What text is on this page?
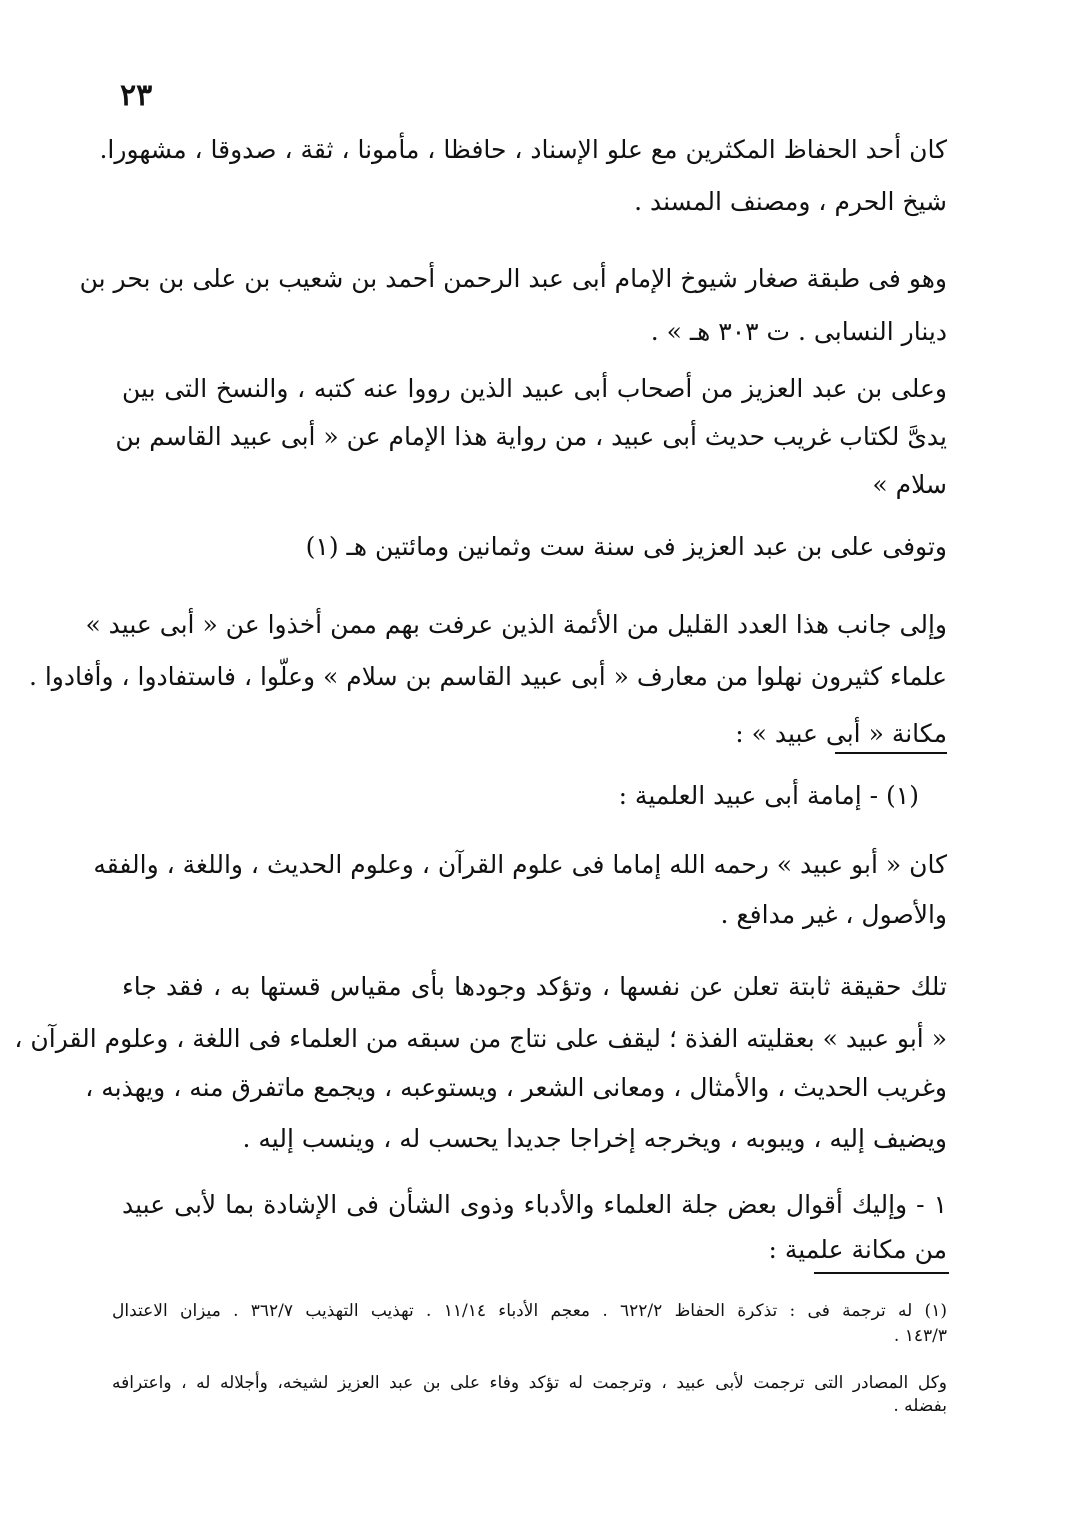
٢٣
كان أحد الحفاظ المكثرين مع علو الإسناد ، حافظا ، مأمونا ، ثقة ، صدوقا ، مشهورا.
شيخ الحرم ، ومصنف المسند .
وهو فى طبقة صغار شيوخ الإمام أبى عبد الرحمن أحمد بن شعيب بن على بن بحر بن
دينار النسابى . ت ٣٠٣ هـ » .
وعلى بن عبد العزيز من أصحاب أبى عبيد الذين رووا عنه كتبه ، والنسخ التى بين
يدىَّ لكتاب غريب حديث أبى عبيد ، من رواية هذا الإمام عن « أبى عبيد القاسم بن
سلام »
وتوفى على بن عبد العزيز فى سنة ست وثمانين ومائتين هـ (١)
وإلى جانب هذا العدد القليل من الأئمة الذين عرفت بهم ممن أخذوا عن « أبى عبيد »
علماء كثيرون نهلوا من معارف « أبى عبيد القاسم بن سلام » وعلّوا ، فاستفادوا ، وأفادوا .
مكانة « أبى عبيد » :
(١) - إمامة أبى عبيد العلمية :
كان « أبو عبيد » رحمه الله إماما فى علوم القرآن ، وعلوم الحديث ، واللغة ، والفقه
والأصول ، غير مدافع .
تلك حقيقة ثابتة تعلن عن نفسها ، وتؤكد وجودها بأى مقياس قستها به ، فقد جاء
« أبو عبيد » بعقليته الفذة ؛ ليقف على نتاج من سبقه من العلماء فى اللغة ، وعلوم القرآن ،
وغريب الحديث ، والأمثال ، ومعانى الشعر ، ويستوعبه ، ويجمع ماتفرق منه ، ويهذبه ،
ويضيف إليه ، ويبوبه ، ويخرجه إخراجا جديدا يحسب له ، وينسب إليه .
١ - وإليك أقوال بعض جلة العلماء والأدباء وذوى الشأن فى الإشادة بما لأبى عبيد
من مكانة علمية :
(١) له ترجمة فى : تذكرة الحفاظ ٦٢٢/٢ . معجم الأدباء ١١/١٤ . تهذيب التهذيب ٣٦٢/٧ . ميزان الاعتدال
١٤٣/٣ .
وكل المصادر التى ترجمت لأبى عبيد ، وترجمت له تؤكد وفاء على بن عبد العزيز لشيخه، وأجلاله له ، واعترافه
بفضله .
